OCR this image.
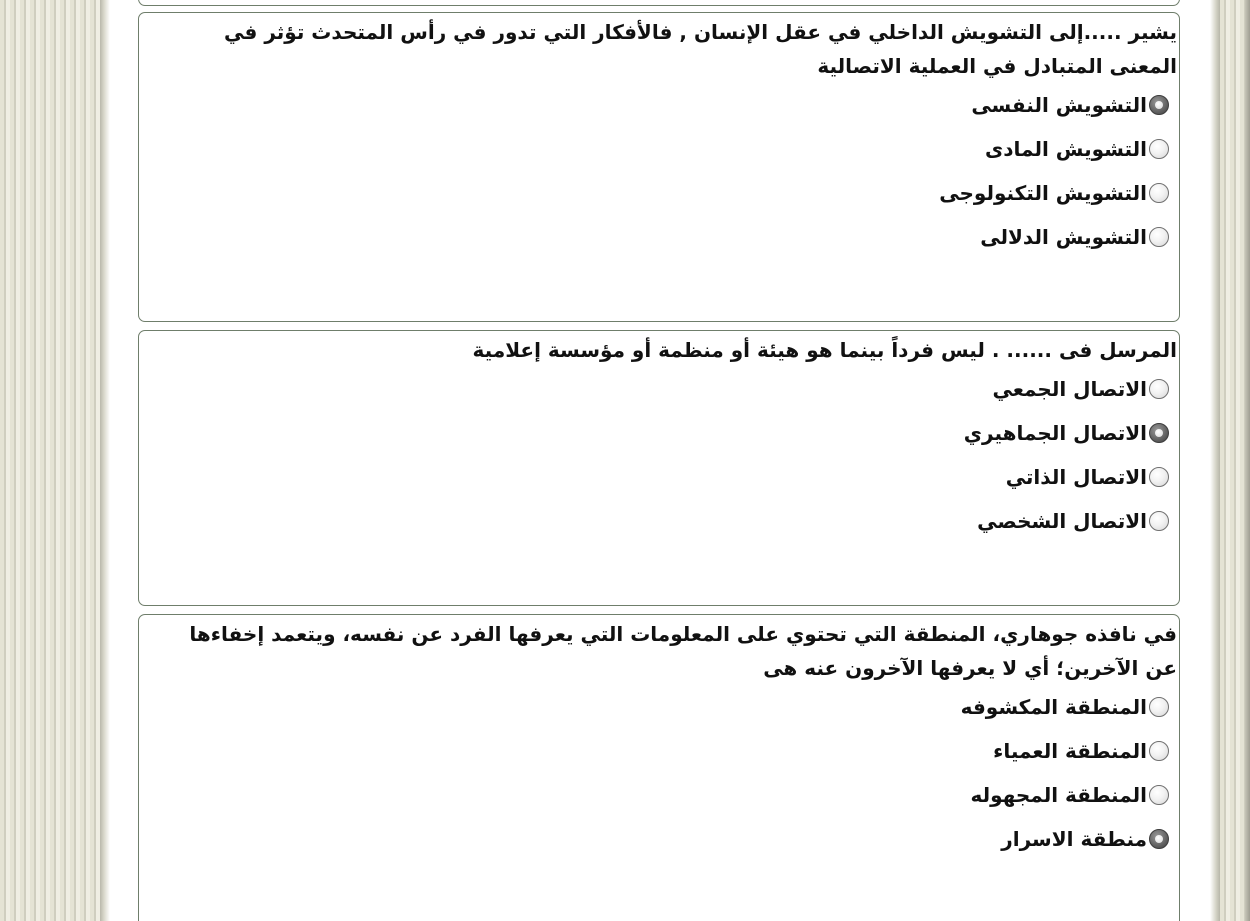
يشير .....إلى التشويش الداخلي في عقل الإنسان , فالأفكار التي تدور في رأس المتحدث تؤثر في المعنى المتبادل في العملية الاتصالية

التشويش النفسى
التشويش المادى
التشويش التكنولوجى
التشويش الدلالى

المرسل فى ...... . ليس فرداً بينما هو هيئة أو منظمة أو مؤسسة إعلامية

الاتصال الجمعي
الاتصال الجماهيري
الاتصال الذاتي
الاتصال الشخصي

في نافذه جوهاري، المنطقة التي تحتوي على المعلومات التي يعرفها الفرد عن نفسه، ويتعمد إخفاءها عن الآخرين؛ أي لا يعرفها الآخرون عنه هى

المنطقة المكشوفه
المنطقة العمياء
المنطقة المجهوله
منطقة الاسرار
